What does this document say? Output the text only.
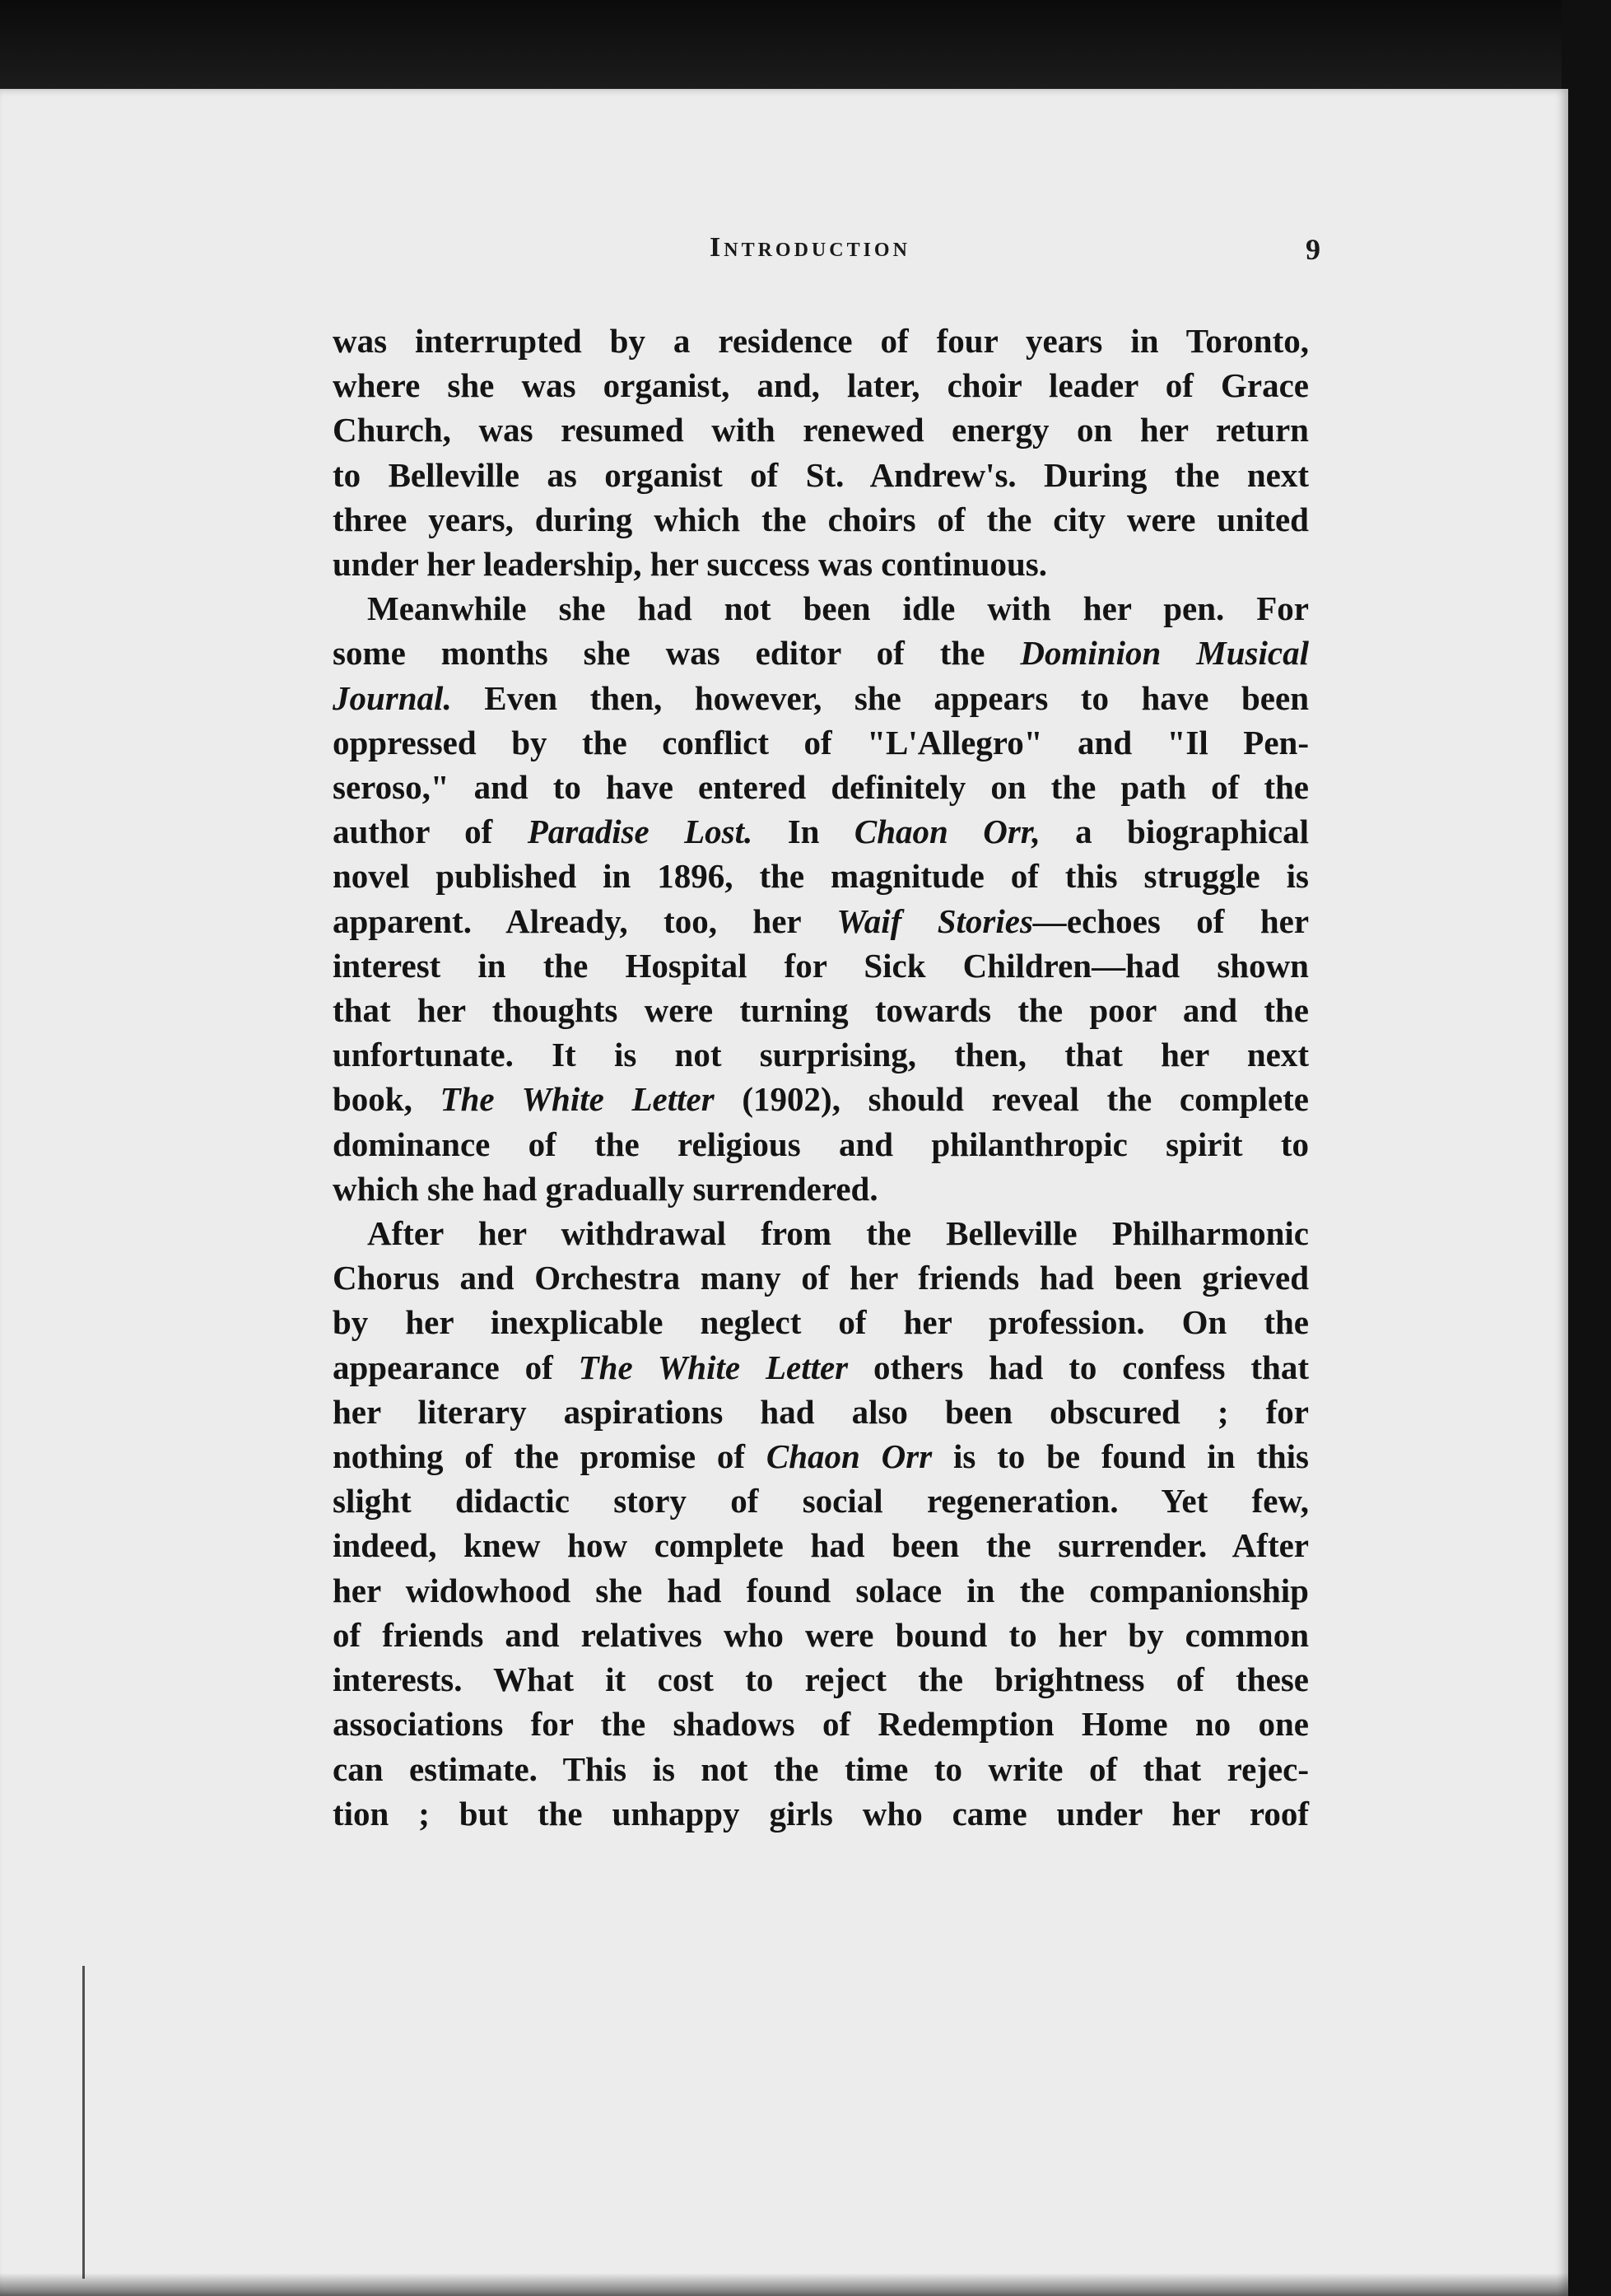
Introduction	9
was interrupted by a residence of four years in Toronto,
where she was organist, and, later, choir leader of Grace
Church, was resumed with renewed energy on her return
to Belleville as organist of St. Andrew's. During the next
three years, during which the choirs of the city were united
under her leadership, her success was continuous.
Meanwhile she had not been idle with her pen. For
some months she was editor of the Dominion Musical
Journal. Even then, however, she appears to have been
oppressed by the conflict of "L'Allegro" and "Il Pen-
seroso," and to have entered definitely on the path of the
author of Paradise Lost. In Chaon Orr, a biographical
novel published in 1896, the magnitude of this struggle is
apparent. Already, too, her Waif Stories—echoes of her
interest in the Hospital for Sick Children—had shown
that her thoughts were turning towards the poor and the
unfortunate. It is not surprising, then, that her next
book, The White Letter (1902), should reveal the complete
dominance of the religious and philanthropic spirit to
which she had gradually surrendered.
After her withdrawal from the Belleville Philharmonic
Chorus and Orchestra many of her friends had been grieved
by her inexplicable neglect of her profession. On the
appearance of The White Letter others had to confess that
her literary aspirations had also been obscured ; for
nothing of the promise of Chaon Orr is to be found in this
slight didactic story of social regeneration. Yet few,
indeed, knew how complete had been the surrender. After
her widowhood she had found solace in the companionship
of friends and relatives who were bound to her by common
interests. What it cost to reject the brightness of these
associations for the shadows of Redemption Home no one
can estimate. This is not the time to write of that rejec-
tion ; but the unhappy girls who came under her roof
